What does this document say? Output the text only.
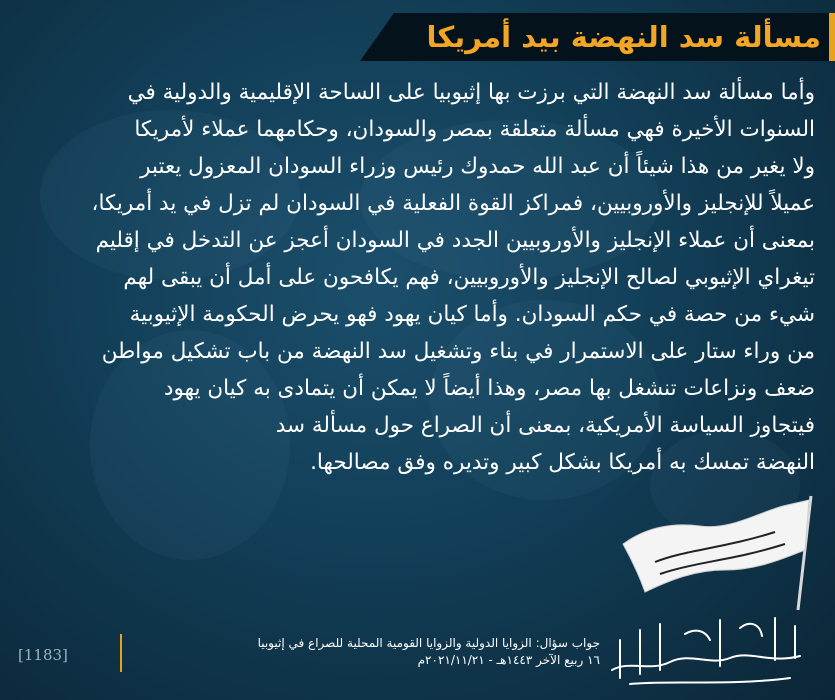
مسألة سد النهضة بيد أمريكا
وأما مسألة سد النهضة التي برزت بها إثيوبيا على الساحة الإقليمية والدولية في
السنوات الأخيرة فهي مسألة متعلقة بمصر والسودان، وحكامهما عملاء لأمريكا
ولا يغير من هذا شيئاً أن عبد الله حمدوك رئيس وزراء السودان المعزول يعتبر
عميلاً للإنجليز والأوروبيين، فمراكز القوة الفعلية في السودان لم تزل في يد أمريكا،
بمعنى أن عملاء الإنجليز والأوروبيين الجدد في السودان أعجز عن التدخل في إقليم
تيغراي الإثيوبي لصالح الإنجليز والأوروبيين، فهم يكافحون على أمل أن يبقى لهم
شيء من حصة في حكم السودان. وأما كيان يهود فهو يحرض الحكومة الإثيوبية
من وراء ستار على الاستمرار في بناء وتشغيل سد النهضة من باب تشكيل مواطن
ضعف ونزاعات تنشغل بها مصر، وهذا أيضاً لا يمكن أن يتمادى به كيان يهود
فيتجاوز السياسة الأمريكية، بمعنى أن الصراع حول مسألة سد
النهضة تمسك به أمريكا بشكل كبير وتديره وفق مصالحها.
جواب سؤال: الزوايا الدولية والزوايا القومية المحلية للصراع في إثيوبيا
١٦ ربيع الآخر ١٤٤٣هـ - ٢٠٢١/١١/٢١م
[1183]
